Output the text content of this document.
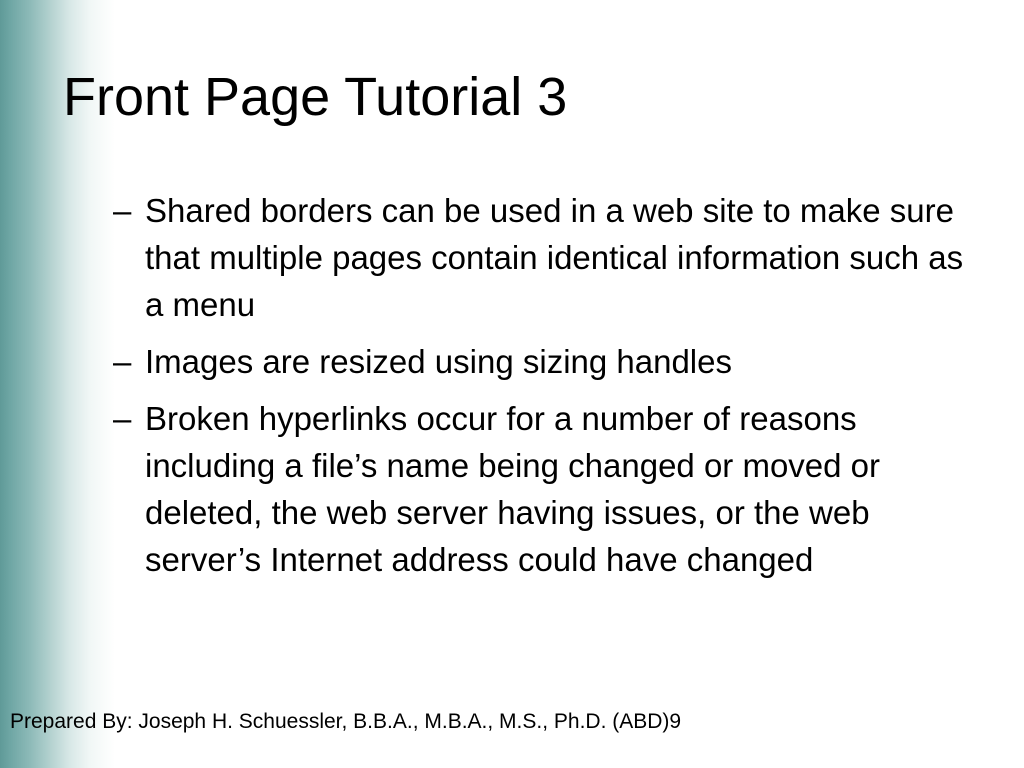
Front Page Tutorial 3
– Shared borders can be used in a web site to make sure that multiple pages contain identical information such as a menu
– Images are resized using sizing handles
– Broken hyperlinks occur for a number of reasons including a file’s name being changed or moved or deleted, the web server having issues, or the web server’s Internet address could have changed
Prepared By: Joseph H. Schuessler, B.B.A., M.B.A., M.S., Ph.D. (ABD)9
